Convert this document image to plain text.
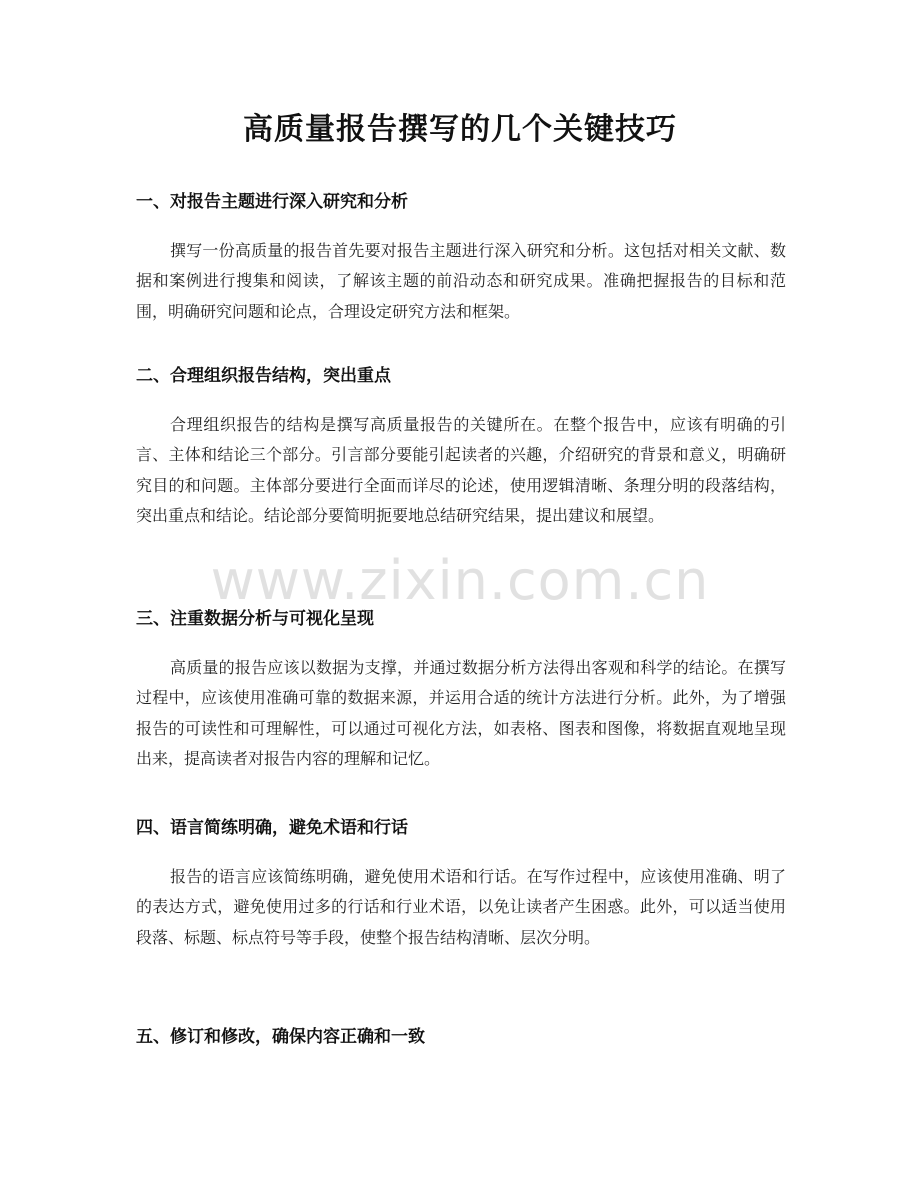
高质量报告撰写的几个关键技巧
一、对报告主题进行深入研究和分析

撰写一份高质量的报告首先要对报告主题进行深入研究和分析。这包括对相关文献、数据和案例进行搜集和阅读，了解该主题的前沿动态和研究成果。准确把握报告的目标和范围，明确研究问题和论点，合理设定研究方法和框架。

二、合理组织报告结构，突出重点

合理组织报告的结构是撰写高质量报告的关键所在。在整个报告中，应该有明确的引言、主体和结论三个部分。引言部分要能引起读者的兴趣，介绍研究的背景和意义，明确研究目的和问题。主体部分要进行全面而详尽的论述，使用逻辑清晰、条理分明的段落结构，突出重点和结论。结论部分要简明扼要地总结研究结果，提出建议和展望。

三、注重数据分析与可视化呈现

高质量的报告应该以数据为支撑，并通过数据分析方法得出客观和科学的结论。在撰写过程中，应该使用准确可靠的数据来源，并运用合适的统计方法进行分析。此外，为了增强报告的可读性和可理解性，可以通过可视化方法，如表格、图表和图像，将数据直观地呈现出来，提高读者对报告内容的理解和记忆。

四、语言简练明确，避免术语和行话

报告的语言应该简练明确，避免使用术语和行话。在写作过程中，应该使用准确、明了的表达方式，避免使用过多的行话和行业术语，以免让读者产生困惑。此外，可以适当使用段落、标题、标点符号等手段，使整个报告结构清晰、层次分明。

五、修订和修改，确保内容正确和一致
www.zixin.com.cn
